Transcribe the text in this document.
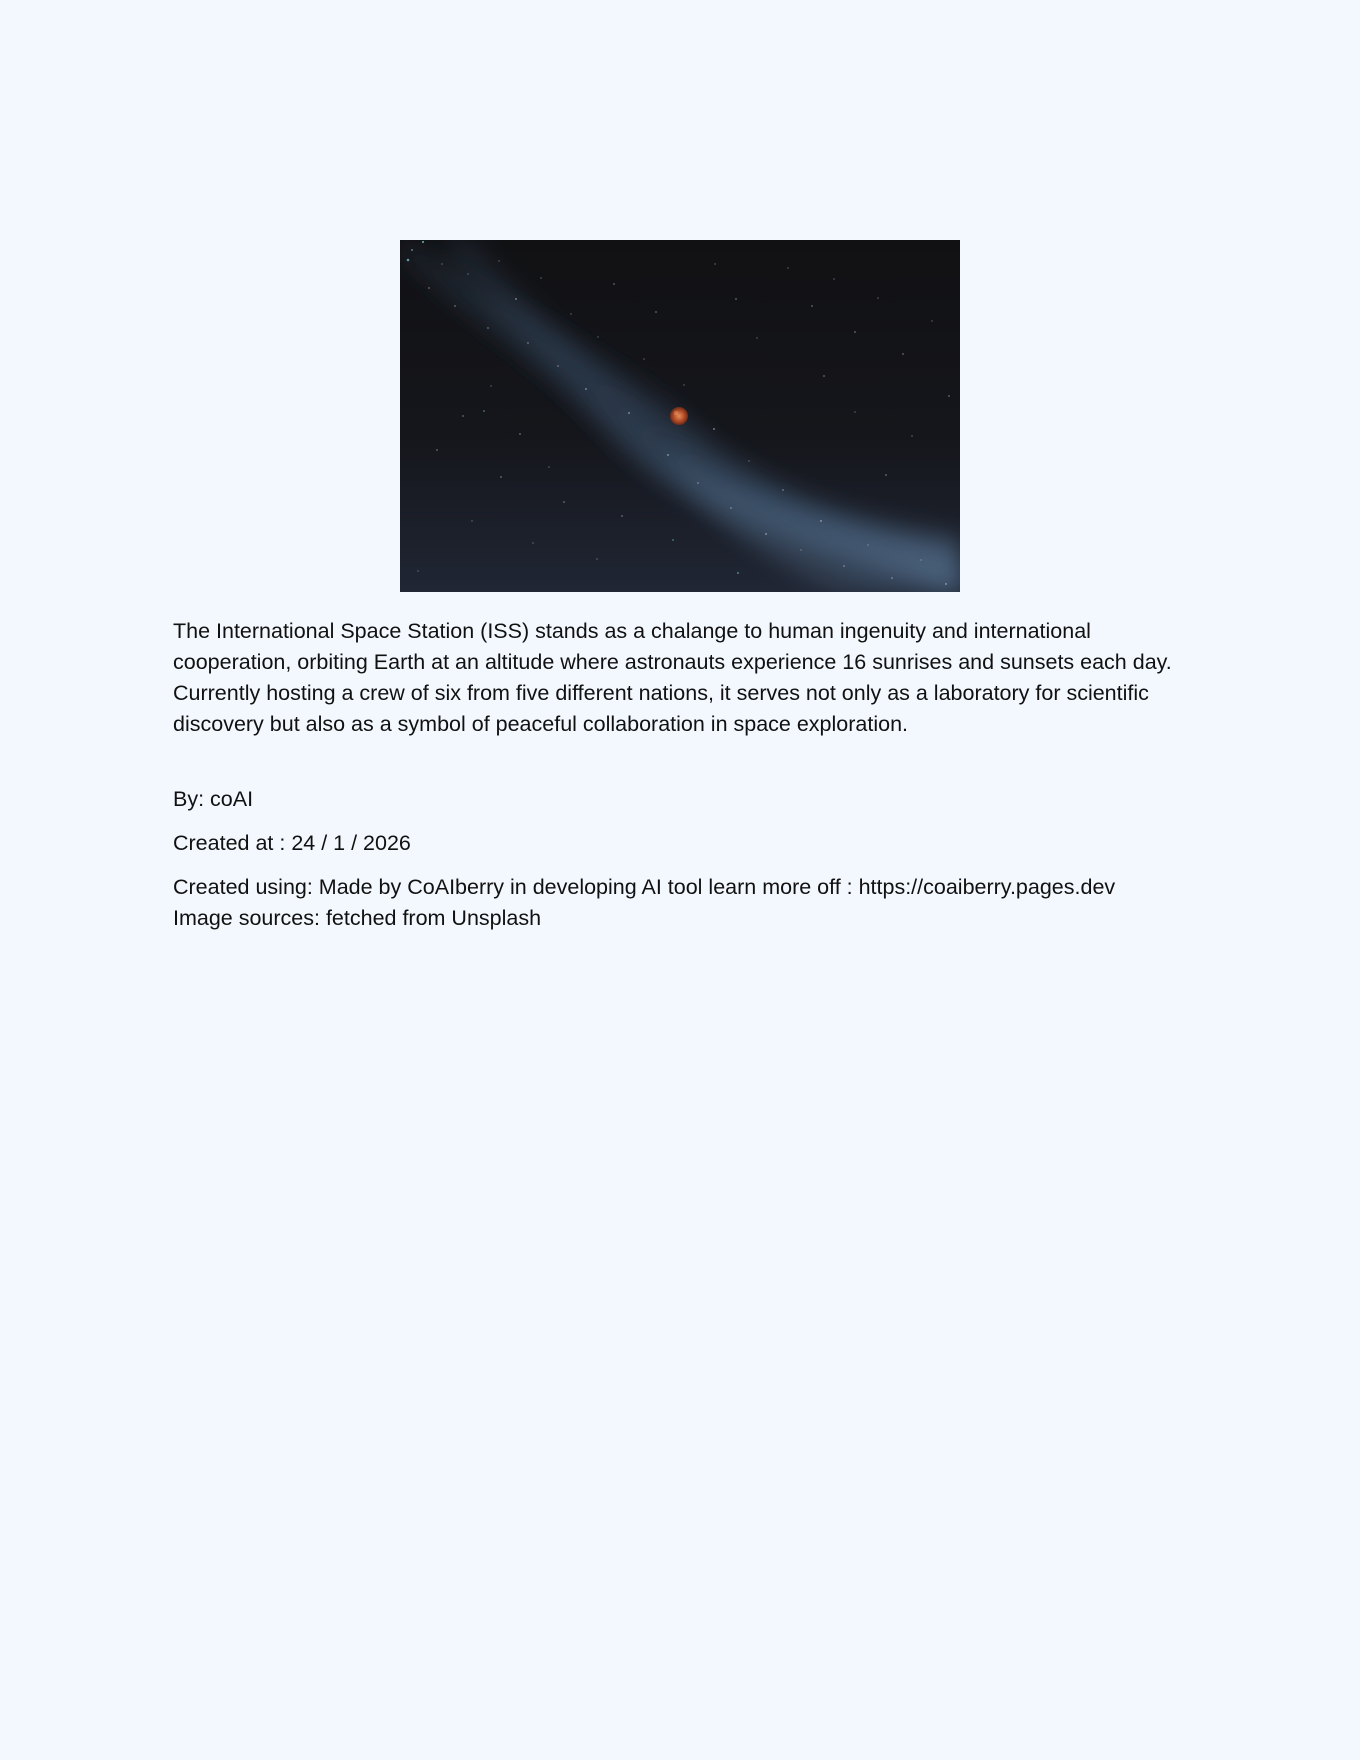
The International Space Station (ISS) stands as a chalange to human ingenuity and international cooperation, orbiting Earth at an altitude where astronauts experience 16 sunrises and sunsets each day. Currently hosting a crew of six from five different nations, it serves not only as a laboratory for scientific discovery but also as a symbol of peaceful collaboration in space exploration.

By: coAI

Created at : 24 / 1 / 2026

Created using: Made by CoAIberry in developing AI tool learn more off : https://coaiberry.pages.dev

Image sources: fetched from Unsplash
